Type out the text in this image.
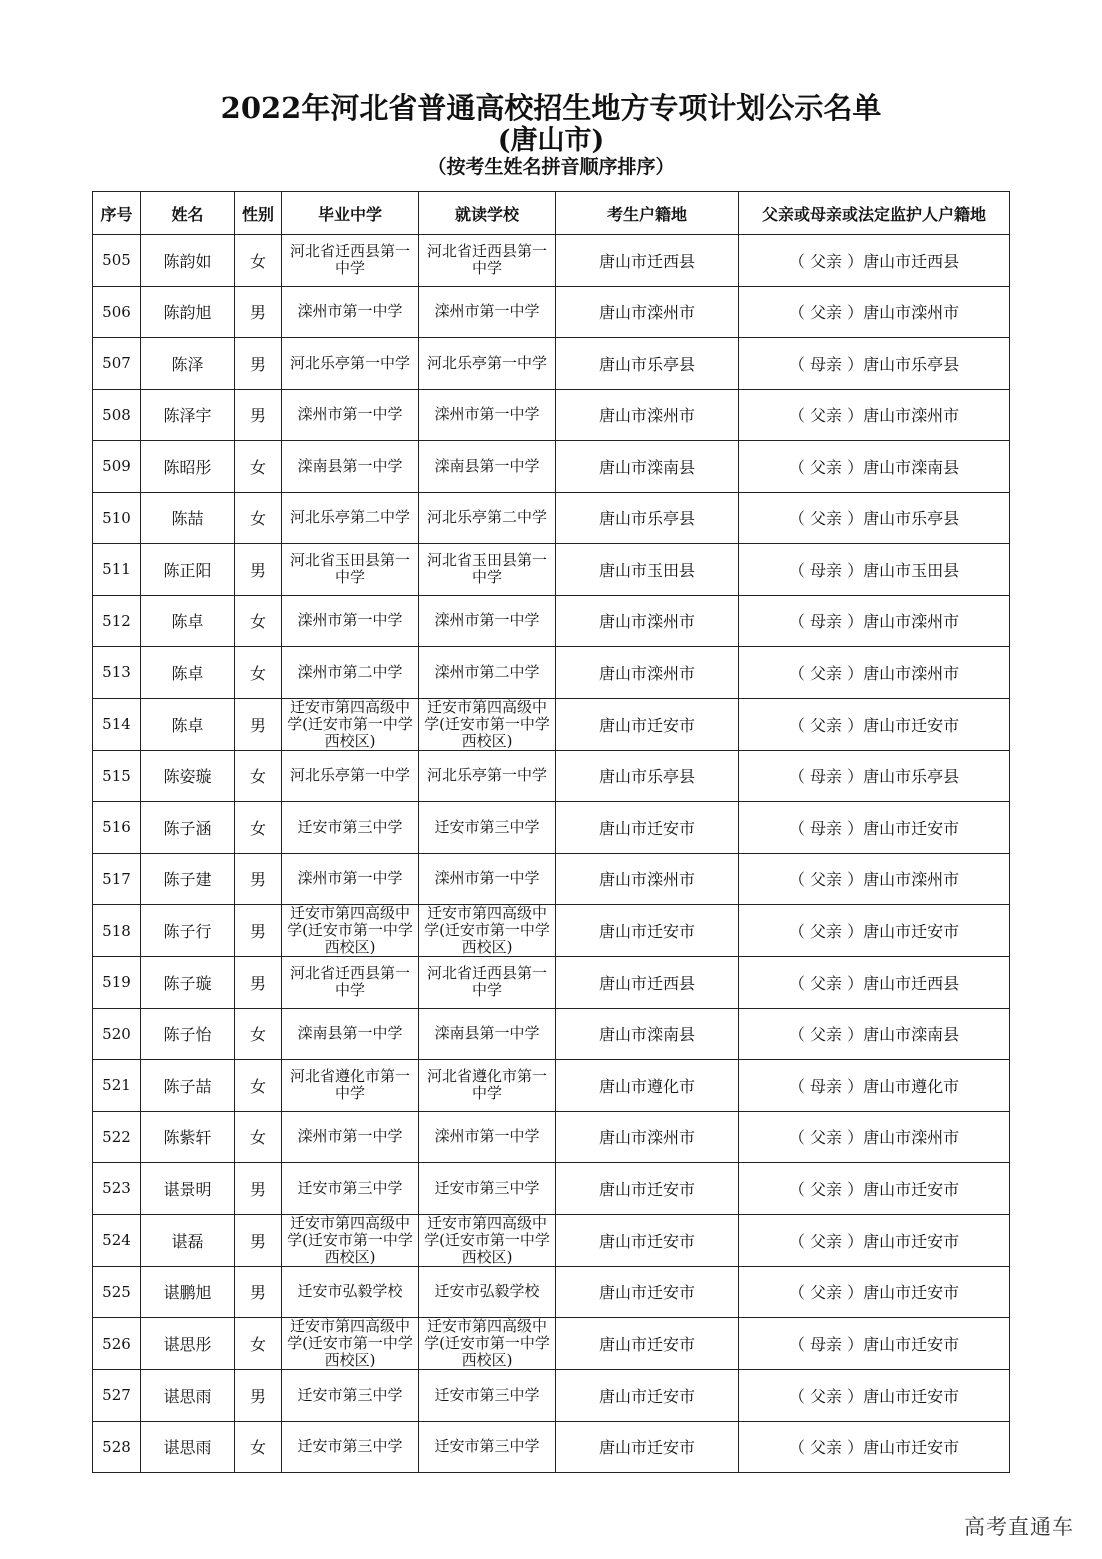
2022年河北省普通高校招生地方专项计划公示名单
(唐山市)
（按考生姓名拼音顺序排序）
序号	姓名	性别	毕业中学	就读学校	考生户籍地	父亲或母亲或法定监护人户籍地
505	陈韵如	女	河北省迁西县第一中学	河北省迁西县第一中学	唐山市迁西县	（ 父亲 ）唐山市迁西县
506	陈韵旭	男	滦州市第一中学	滦州市第一中学	唐山市滦州市	（ 父亲 ）唐山市滦州市
507	陈泽	男	河北乐亭第一中学	河北乐亭第一中学	唐山市乐亭县	（ 母亲 ）唐山市乐亭县
508	陈泽宇	男	滦州市第一中学	滦州市第一中学	唐山市滦州市	（ 父亲 ）唐山市滦州市
509	陈昭彤	女	滦南县第一中学	滦南县第一中学	唐山市滦南县	（ 父亲 ）唐山市滦南县
510	陈喆	女	河北乐亭第二中学	河北乐亭第二中学	唐山市乐亭县	（ 父亲 ）唐山市乐亭县
511	陈正阳	男	河北省玉田县第一中学	河北省玉田县第一中学	唐山市玉田县	（ 母亲 ）唐山市玉田县
512	陈卓	女	滦州市第一中学	滦州市第一中学	唐山市滦州市	（ 母亲 ）唐山市滦州市
513	陈卓	女	滦州市第二中学	滦州市第二中学	唐山市滦州市	（ 父亲 ）唐山市滦州市
514	陈卓	男	迁安市第四高级中学(迁安市第一中学西校区)	迁安市第四高级中学(迁安市第一中学西校区)	唐山市迁安市	（ 父亲 ）唐山市迁安市
515	陈姿璇	女	河北乐亭第一中学	河北乐亭第一中学	唐山市乐亭县	（ 母亲 ）唐山市乐亭县
516	陈子涵	女	迁安市第三中学	迁安市第三中学	唐山市迁安市	（ 母亲 ）唐山市迁安市
517	陈子建	男	滦州市第一中学	滦州市第一中学	唐山市滦州市	（ 父亲 ）唐山市滦州市
518	陈子行	男	迁安市第四高级中学(迁安市第一中学西校区)	迁安市第四高级中学(迁安市第一中学西校区)	唐山市迁安市	（ 父亲 ）唐山市迁安市
519	陈子璇	男	河北省迁西县第一中学	河北省迁西县第一中学	唐山市迁西县	（ 父亲 ）唐山市迁西县
520	陈子怡	女	滦南县第一中学	滦南县第一中学	唐山市滦南县	（ 父亲 ）唐山市滦南县
521	陈子喆	女	河北省遵化市第一中学	河北省遵化市第一中学	唐山市遵化市	（ 母亲 ）唐山市遵化市
522	陈紫轩	女	滦州市第一中学	滦州市第一中学	唐山市滦州市	（ 父亲 ）唐山市滦州市
523	谌景明	男	迁安市第三中学	迁安市第三中学	唐山市迁安市	（ 父亲 ）唐山市迁安市
524	谌磊	男	迁安市第四高级中学(迁安市第一中学西校区)	迁安市第四高级中学(迁安市第一中学西校区)	唐山市迁安市	（ 父亲 ）唐山市迁安市
525	谌鹏旭	男	迁安市弘毅学校	迁安市弘毅学校	唐山市迁安市	（ 父亲 ）唐山市迁安市
526	谌思彤	女	迁安市第四高级中学(迁安市第一中学西校区)	迁安市第四高级中学(迁安市第一中学西校区)	唐山市迁安市	（ 母亲 ）唐山市迁安市
527	谌思雨	男	迁安市第三中学	迁安市第三中学	唐山市迁安市	（ 父亲 ）唐山市迁安市
528	谌思雨	女	迁安市第三中学	迁安市第三中学	唐山市迁安市	（ 父亲 ）唐山市迁安市
高考直通车
